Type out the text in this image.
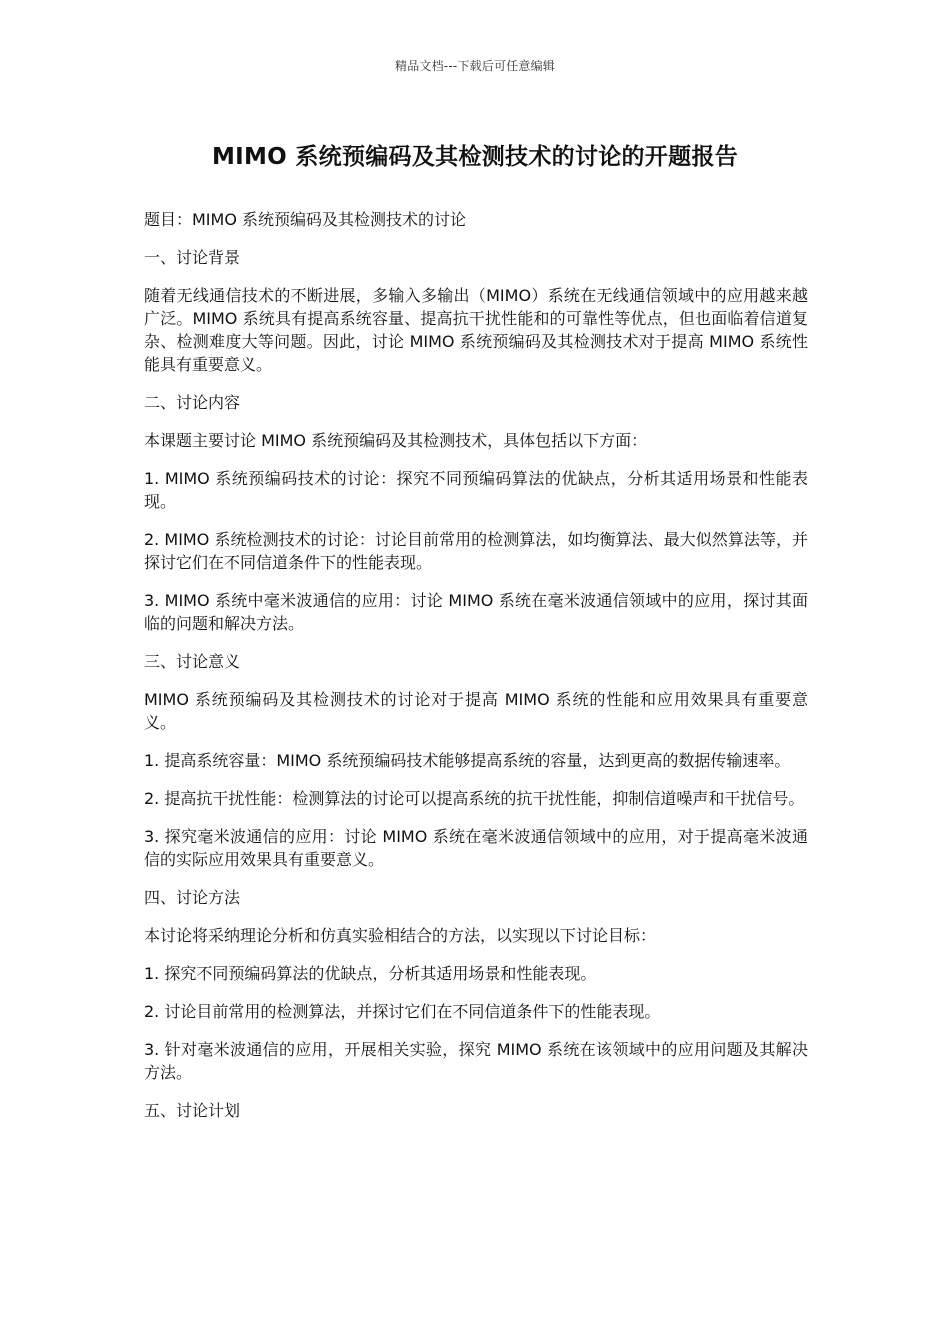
精品文档---下载后可任意编辑
MIMO 系统预编码及其检测技术的讨论的开题报告

题目：MIMO 系统预编码及其检测技术的讨论

一、讨论背景

随着无线通信技术的不断进展，多输入多输出（MIMO）系统在无线通信领域中的应用越来越广泛。MIMO 系统具有提高系统容量、提高抗干扰性能和的可靠性等优点，但也面临着信道复杂、检测难度大等问题。因此，讨论 MIMO 系统预编码及其检测技术对于提高 MIMO 系统性能具有重要意义。

二、讨论内容

本课题主要讨论 MIMO 系统预编码及其检测技术，具体包括以下方面：

1. MIMO 系统预编码技术的讨论：探究不同预编码算法的优缺点，分析其适用场景和性能表现。

2. MIMO 系统检测技术的讨论：讨论目前常用的检测算法，如均衡算法、最大似然算法等，并探讨它们在不同信道条件下的性能表现。

3. MIMO 系统中毫米波通信的应用：讨论 MIMO 系统在毫米波通信领域中的应用，探讨其面临的问题和解决方法。

三、讨论意义

MIMO 系统预编码及其检测技术的讨论对于提高 MIMO 系统的性能和应用效果具有重要意义。

1. 提高系统容量：MIMO 系统预编码技术能够提高系统的容量，达到更高的数据传输速率。

2. 提高抗干扰性能：检测算法的讨论可以提高系统的抗干扰性能，抑制信道噪声和干扰信号。

3. 探究毫米波通信的应用：讨论 MIMO 系统在毫米波通信领域中的应用，对于提高毫米波通信的实际应用效果具有重要意义。

四、讨论方法

本讨论将采纳理论分析和仿真实验相结合的方法，以实现以下讨论目标：

1. 探究不同预编码算法的优缺点，分析其适用场景和性能表现。

2. 讨论目前常用的检测算法，并探讨它们在不同信道条件下的性能表现。

3. 针对毫米波通信的应用，开展相关实验，探究 MIMO 系统在该领域中的应用问题及其解决方法。

五、讨论计划
